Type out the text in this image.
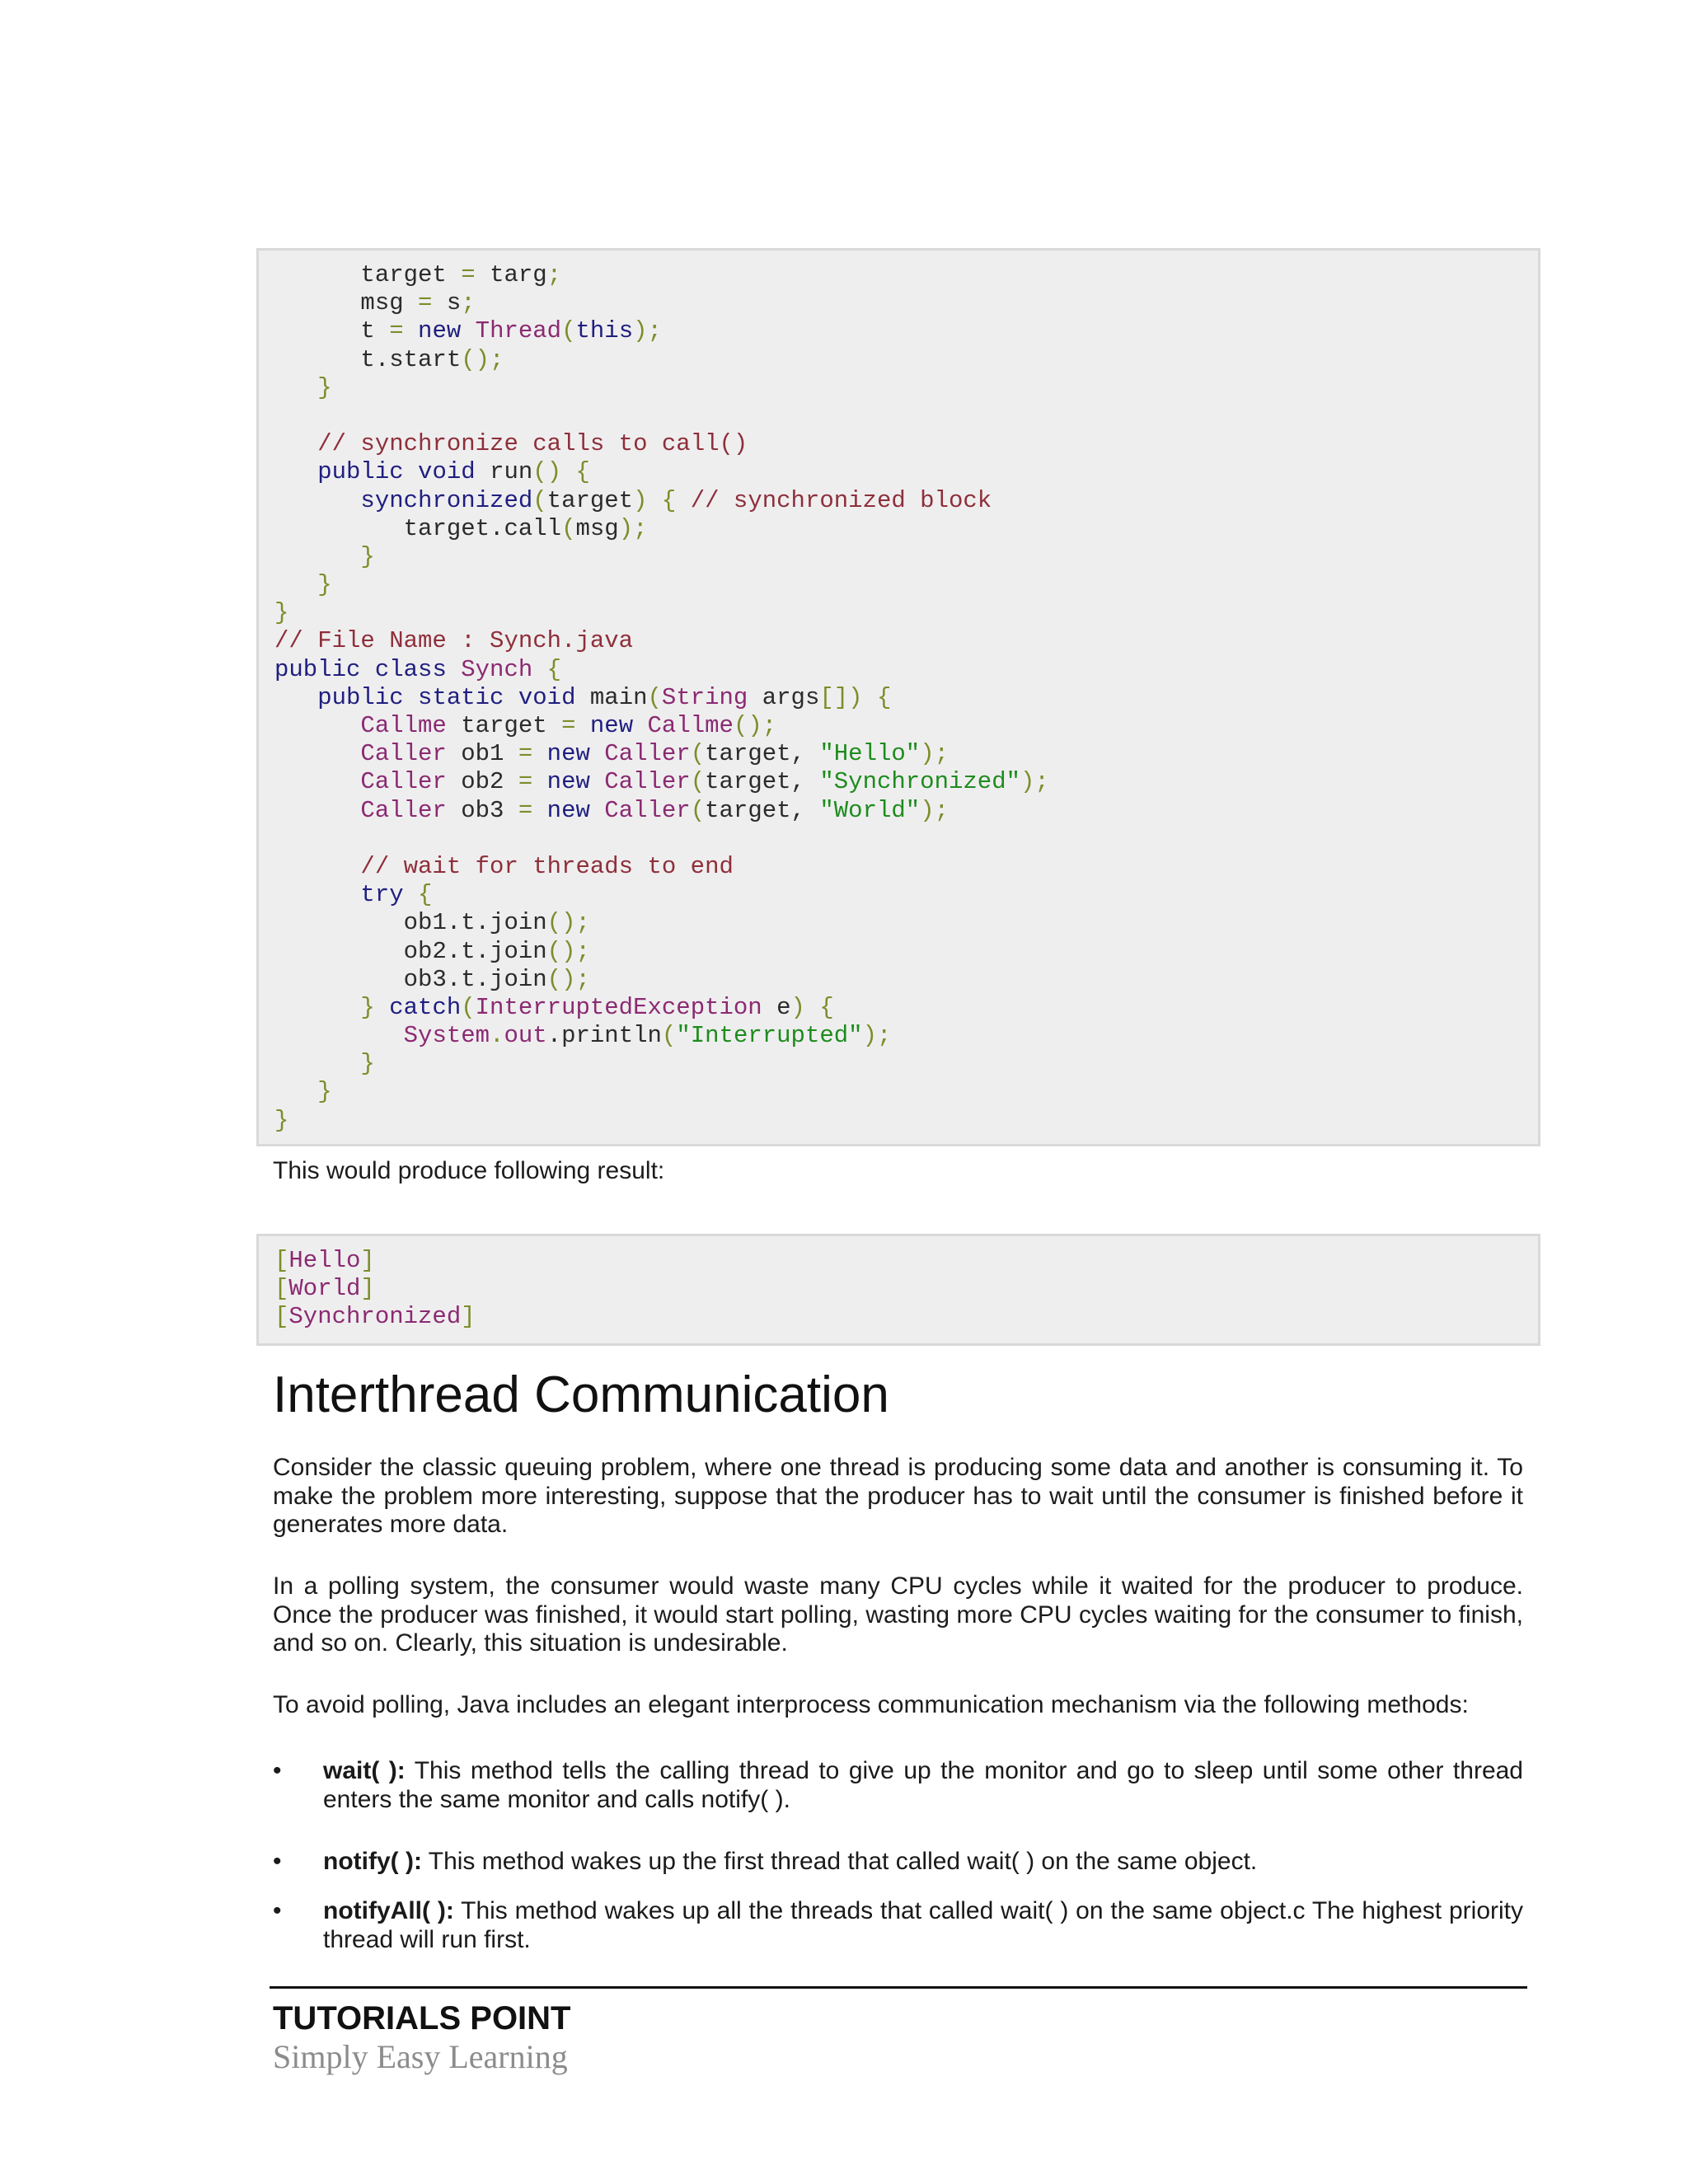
target = targ;
msg = s;
t = new Thread(this);
t.start();
}
// synchronize calls to call()
public void run() {
synchronized(target) { // synchronized block
target.call(msg);
}
}
}
// File Name : Synch.java
public class Synch {
public static void main(String args[]) {
Callme target = new Callme();
Caller ob1 = new Caller(target, "Hello");
Caller ob2 = new Caller(target, "Synchronized");
Caller ob3 = new Caller(target, "World");
// wait for threads to end
try {
ob1.t.join();
ob2.t.join();
ob3.t.join();
} catch(InterruptedException e) {
System.out.println("Interrupted");
}
}
}
This would produce following result:
[Hello]
[World]
[Synchronized]
Interthread Communication
Consider the classic queuing problem, where one thread is producing some data and another is consuming it. To make the problem more interesting, suppose that the producer has to wait until the consumer is finished before it generates more data.
In a polling system, the consumer would waste many CPU cycles while it waited for the producer to produce. Once the producer was finished, it would start polling, wasting more CPU cycles waiting for the consumer to finish, and so on. Clearly, this situation is undesirable.
To avoid polling, Java includes an elegant interprocess communication mechanism via the following methods:
•	wait( ): This method tells the calling thread to give up the monitor and go to sleep until some other thread enters the same monitor and calls notify( ).
•	notify( ): This method wakes up the first thread that called wait( ) on the same object.
•	notifyAll( ): This method wakes up all the threads that called wait( ) on the same object.c The highest priority thread will run first.
TUTORIALS POINT
Simply Easy Learning
